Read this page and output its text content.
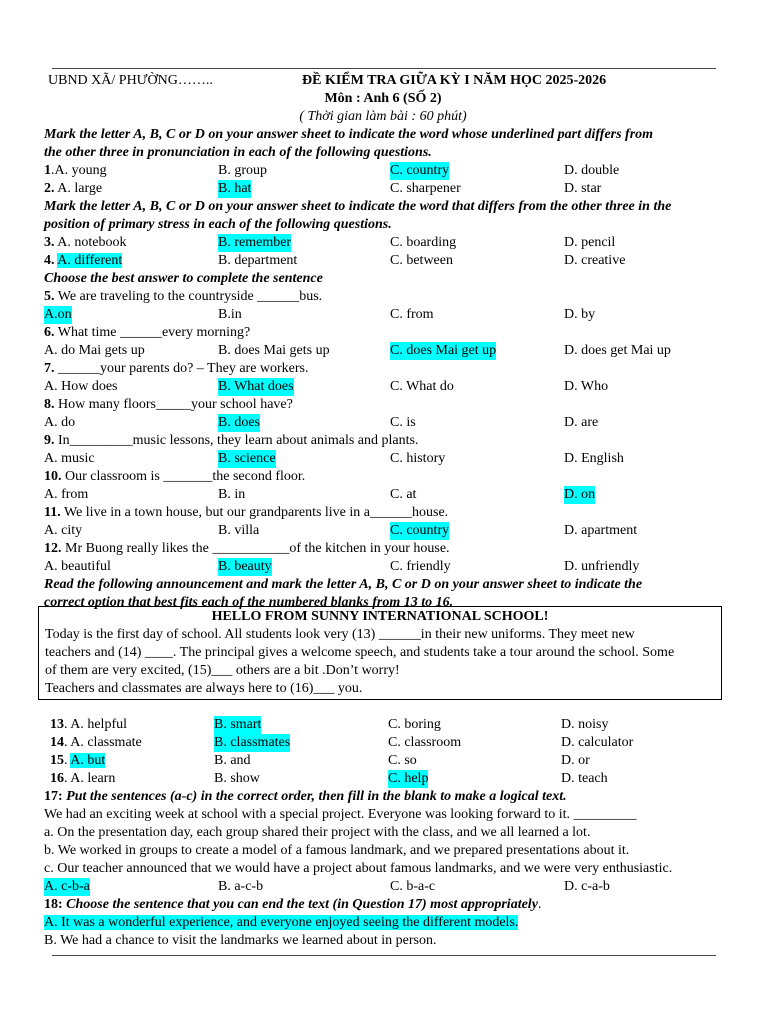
UBND XÃ/ PHƯỜNG……..	ĐỀ KIỂM TRA GIỮA KỲ I NĂM HỌC 2025-2026
Môn : Anh 6 (SỐ 2)
( Thời gian làm bài : 60 phút)
Mark the letter A, B, C or D on your answer sheet to indicate the word whose underlined part differs from
the other three in pronunciation in each of the following questions.
1.A. young	B. group	C. country	D. double
2. A. large	B. hat	C. sharpener	D. star
Mark the letter A, B, C or D on your answer sheet to indicate the word that differs from the other three in the
position of primary stress in each of the following questions.
3. A. notebook	B. remember	C. boarding	D. pencil
4. A. different	B. department	C. between	D. creative
Choose the best answer to complete the sentence
5. We are traveling to the countryside ______bus.
A.on	B.in	C. from	D. by
6. What time ______every morning?
A. do Mai gets up	B. does Mai gets up	C. does Mai get up	D. does get Mai up
7. ______your parents do? – They are workers.
A. How does	B. What does	C. What do	D. Who
8. How many floors_____your school have?
A. do	B. does	C. is	D. are
9. In_________music lessons, they learn about animals and plants.
A. music	B. science	C. history	D. English
10. Our classroom is _______the second floor.
A. from	B. in	C. at	D. on
11. We live in a town house, but our grandparents live in a______house.
A. city	B. villa	C. country	D. apartment
12. Mr Buong really likes the ___________of the kitchen in your house.
A. beautiful	B. beauty	C. friendly	D. unfriendly
Read the following announcement and mark the letter A, B, C or D on your answer sheet to indicate the
correct option that best fits each of the numbered blanks from 13 to 16.
HELLO FROM SUNNY INTERNATIONAL SCHOOL!
Today is the first day of school. All students look very (13) ______in their new uniforms. They meet new
teachers and (14) ____. The principal gives a welcome speech, and students take a tour around the school. Some
of them are very excited, (15)___ others are a bit .Don’t worry!
Teachers and classmates are always here to (16)___ you.
13. A. helpful	B. smart	C. boring	D. noisy
14. A. classmate	B. classmates	C. classroom	D. calculator
15. A. but	B. and	C. so	D. or
16. A. learn	B. show	C. help	D. teach
17: Put the sentences (a-c) in the correct order, then fill in the blank to make a logical text.
We had an exciting week at school with a special project. Everyone was looking forward to it. _________
a. On the presentation day, each group shared their project with the class, and we all learned a lot.
b. We worked in groups to create a model of a famous landmark, and we prepared presentations about it.
c. Our teacher announced that we would have a project about famous landmarks, and we were very enthusiastic.
A. c-b-a	B. a-c-b	C. b-a-c	D. c-a-b
18: Choose the sentence that you can end the text (in Question 17) most appropriately.
A. It was a wonderful experience, and everyone enjoyed seeing the different models.
B. We had a chance to visit the landmarks we learned about in person.
